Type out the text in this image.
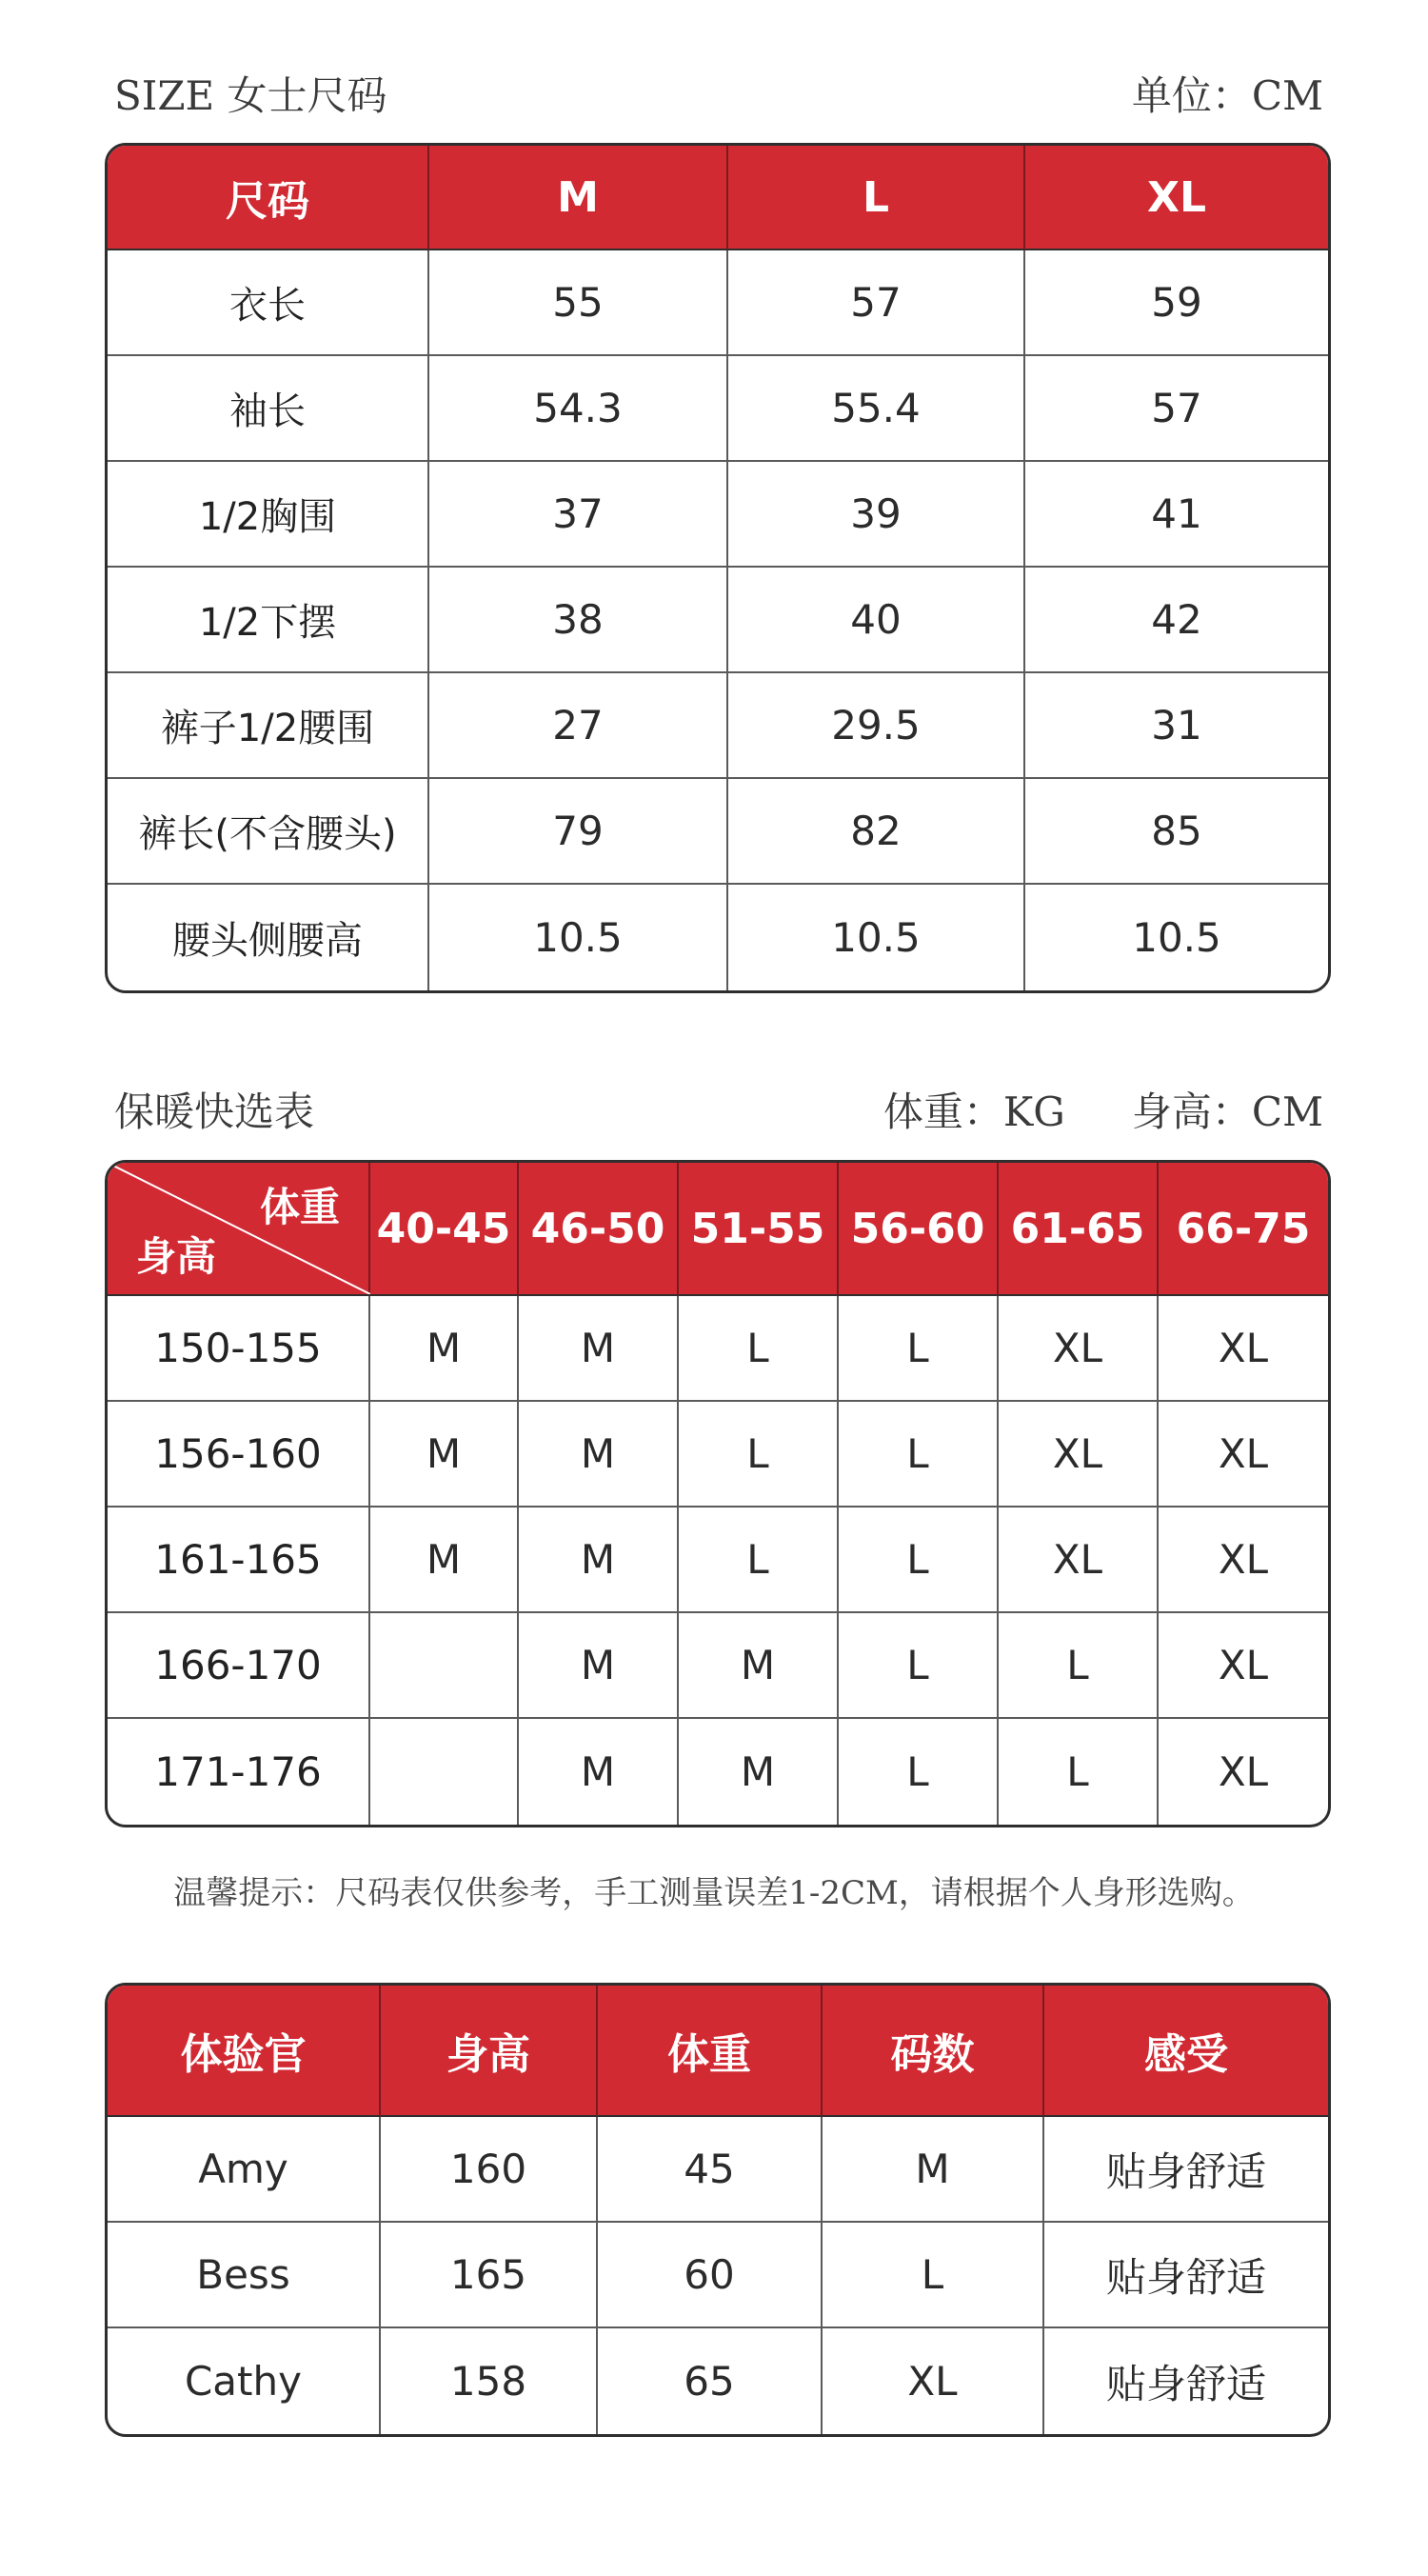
SIZE 女士尺码	单位：CM
尺码	M	L	XL
衣长	55	57	59
袖长	54.3	55.4	57
1/2胸围	37	39	41
1/2下摆	38	40	42
裤子1/2腰围	27	29.5	31
裤长(不含腰头)	79	82	85
腰头侧腰高	10.5	10.5	10.5
保暖快选表	体重：KG 身高：CM
体重
身高	40-45	46-50	51-55	56-60	61-65	66-75
150-155	M	M	L	L	XL	XL
156-160	M	M	L	L	XL	XL
161-165	M	M	L	L	XL	XL
166-170		M	M	L	L	XL
171-176		M	M	L	L	XL
温馨提示：尺码表仅供参考，手工测量误差1-2CM，请根据个人身形选购。
体验官	身高	体重	码数	感受
Amy	160	45	M	贴身舒适
Bess	165	60	L	贴身舒适
Cathy	158	65	XL	贴身舒适
